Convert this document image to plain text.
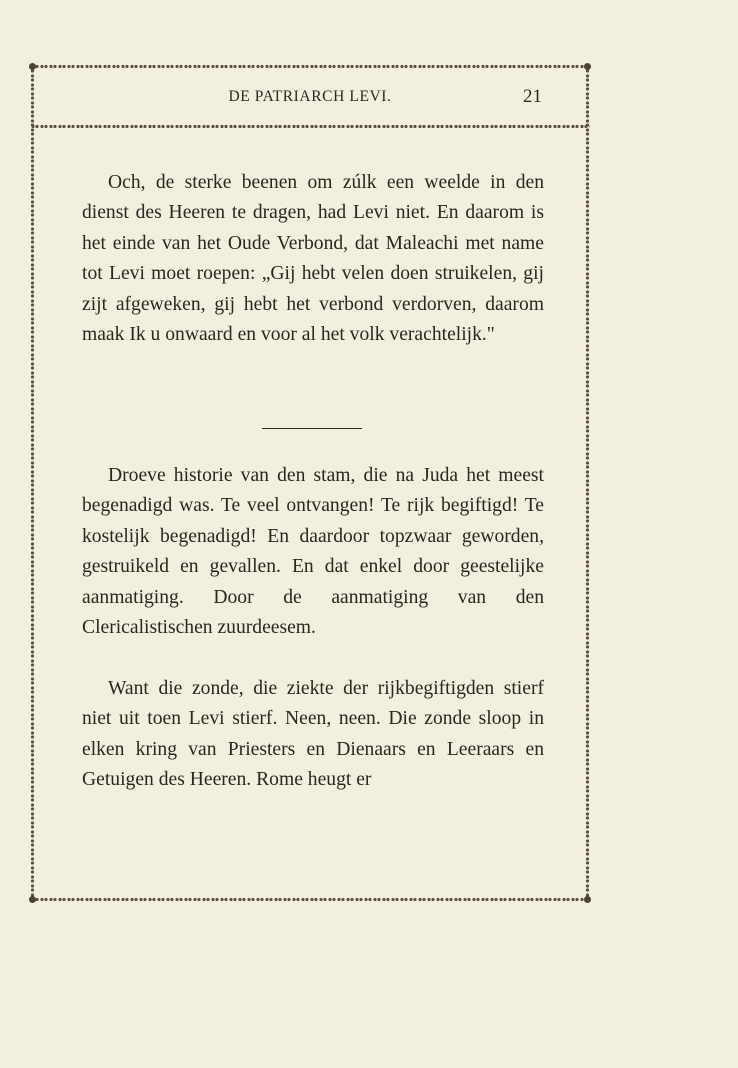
DE PATRIARCH LEVI.	21

Och, de sterke beenen om zúlk een weelde in den dienst des Heeren te dragen, had Levi niet. En daarom is het einde van het Oude Verbond, dat Maleachi met name tot Levi moet roepen: „Gij hebt velen doen struikelen, gij zijt afgeweken, gij hebt het verbond verdorven, daarom maak Ik u onwaard en voor al het volk verachtelijk."

Droeve historie van den stam, die na Juda het meest begenadigd was. Te veel ontvangen! Te rijk begiftigd! Te kostelijk begenadigd! En daardoor topzwaar geworden, gestruikeld en gevallen. En dat enkel door geestelijke aanmatiging. Door de aanmatiging van den Clericalistischen zuurdeesem.

Want die zonde, die ziekte der rijkbegiftigden stierf niet uit toen Levi stierf. Neen, neen. Die zonde sloop in elken kring van Priesters en Dienaars en Leeraars en Getuigen des Heeren. Rome heugt er
